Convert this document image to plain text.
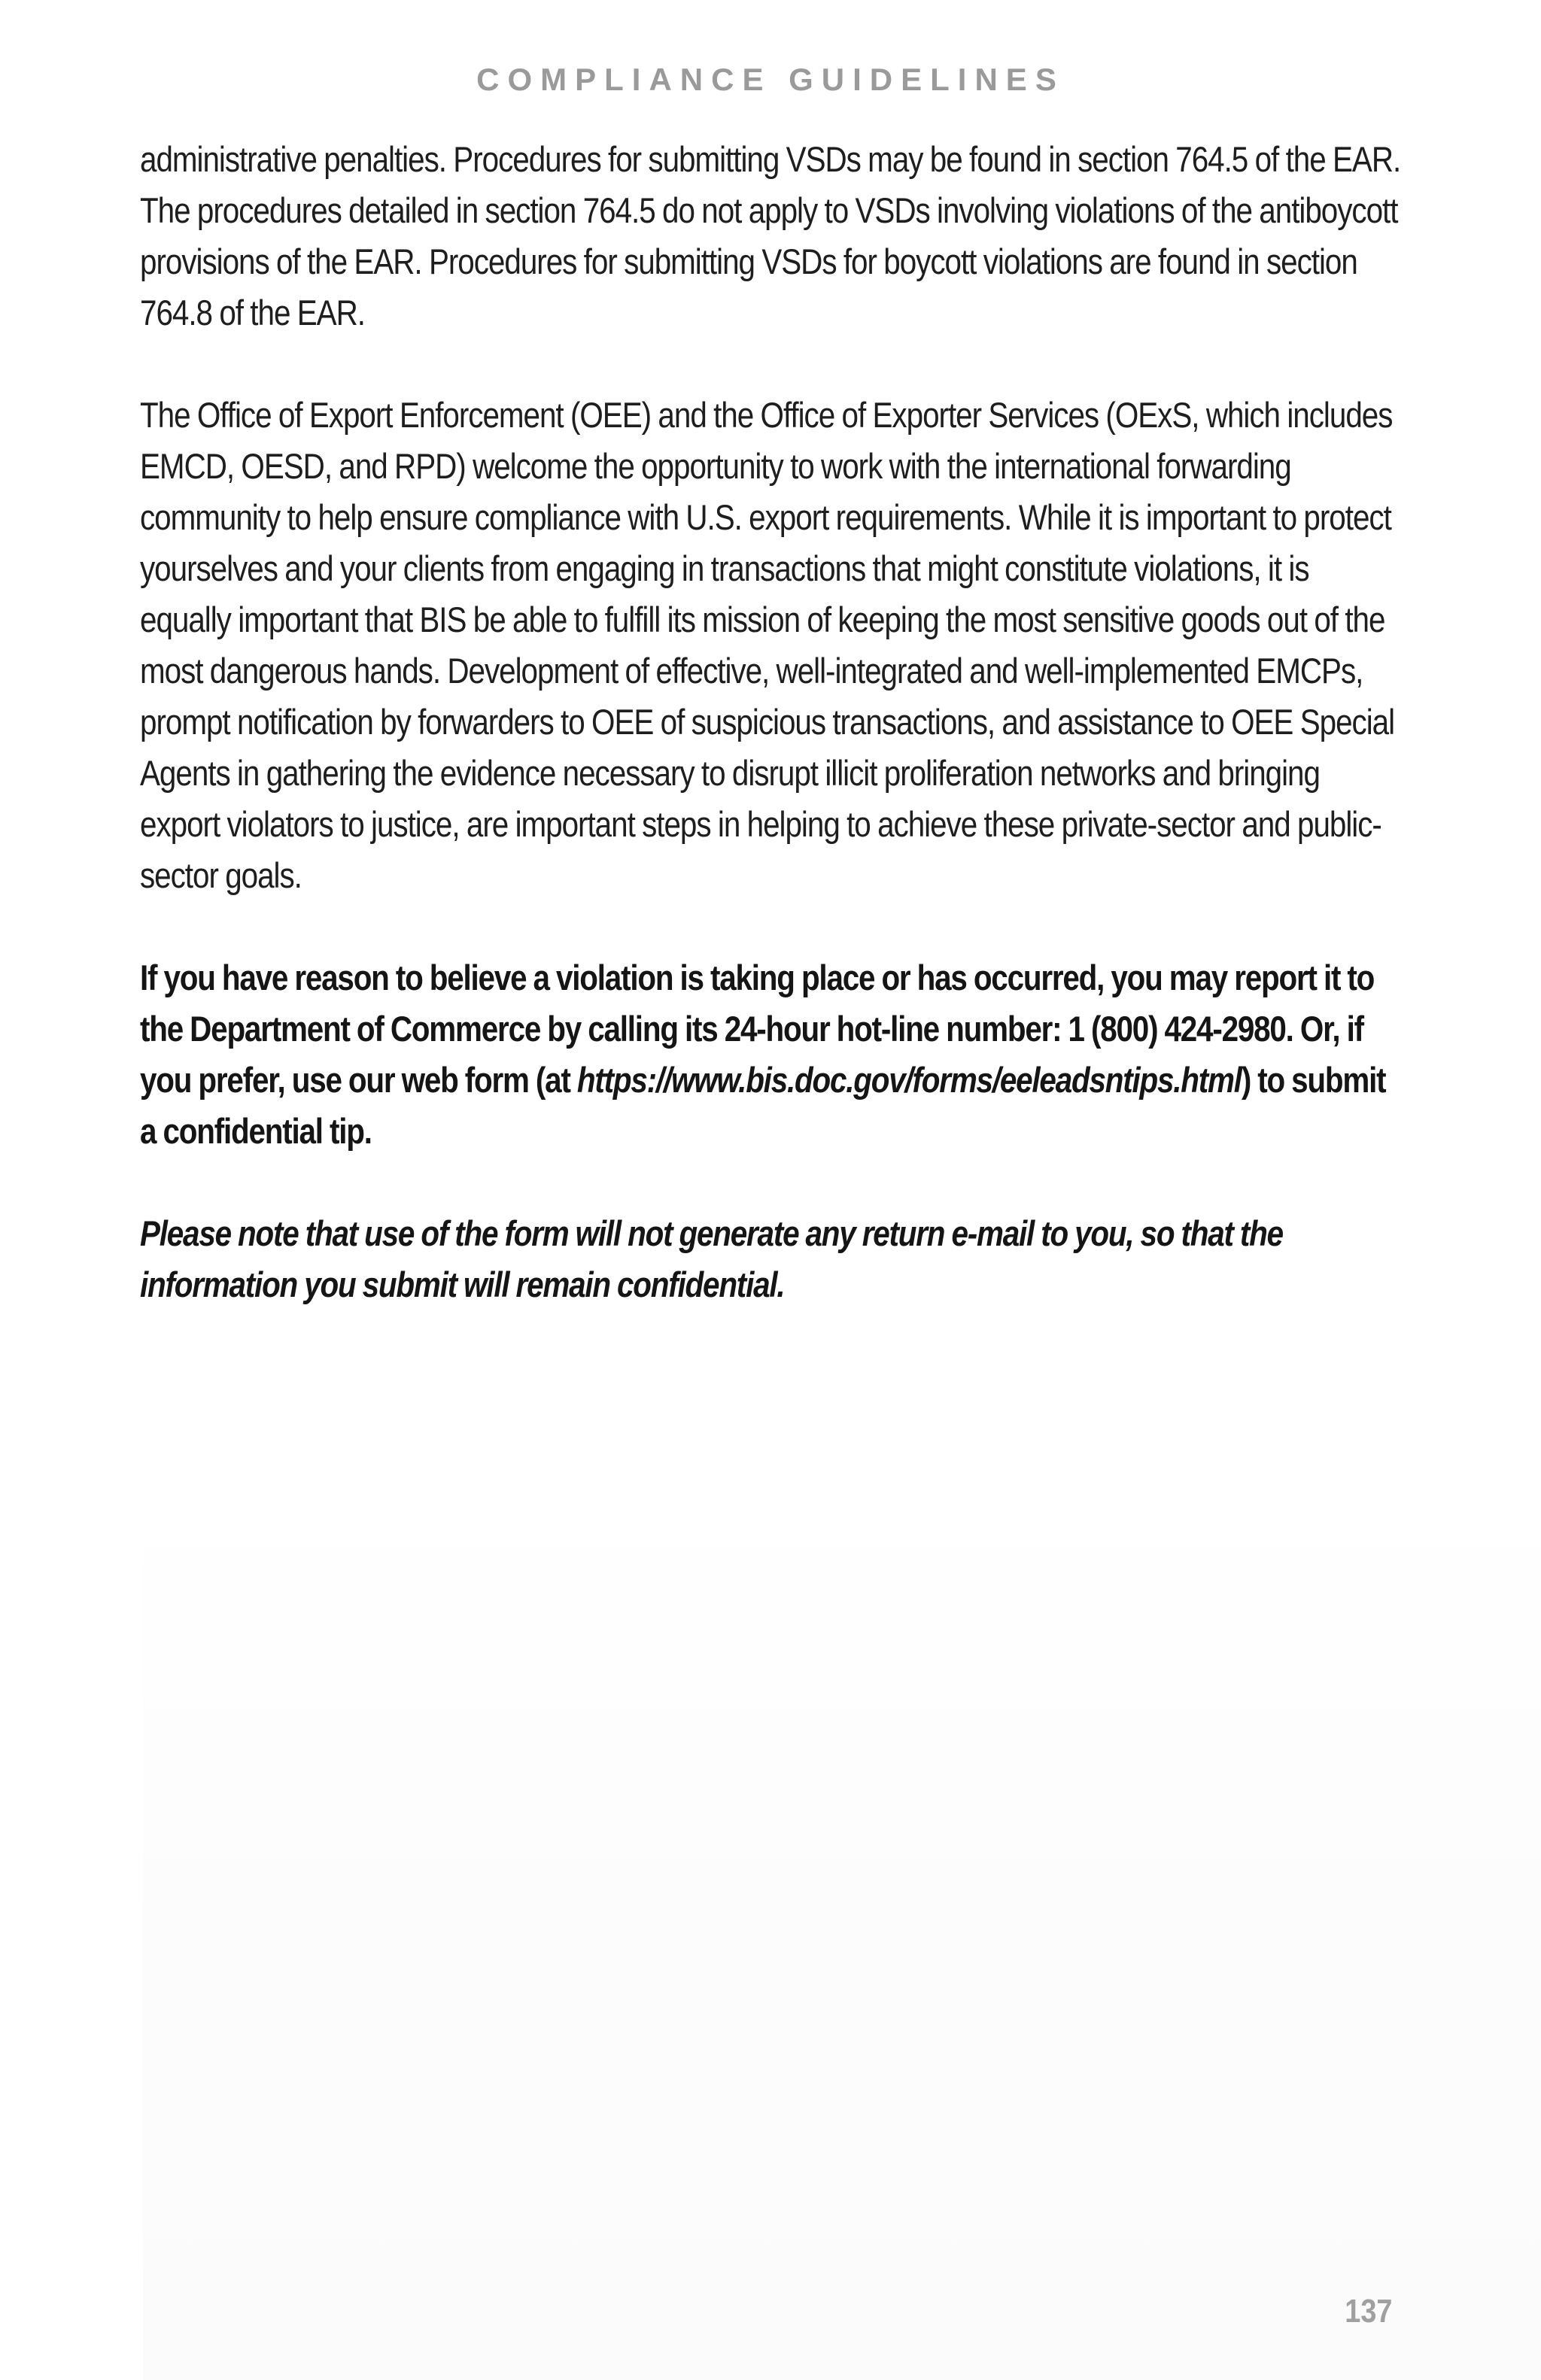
COMPLIANCE GUIDELINES

administrative penalties. Procedures for submitting VSDs may be found in section 764.5 of the EAR. The procedures detailed in section 764.5 do not apply to VSDs involving violations of the antiboycott provisions of the EAR. Procedures for submitting VSDs for boycott violations are found in section 764.8 of the EAR.

The Office of Export Enforcement (OEE) and the Office of Exporter Services (OExS, which includes EMCD, OESD, and RPD) welcome the opportunity to work with the international forwarding community to help ensure compliance with U.S. export requirements. While it is important to protect yourselves and your clients from engaging in transactions that might constitute violations, it is equally important that BIS be able to fulfill its mission of keeping the most sensitive goods out of the most dangerous hands. Development of effective, well-integrated and well-implemented EMCPs, prompt notification by forwarders to OEE of suspicious transactions, and assistance to OEE Special Agents in gathering the evidence necessary to disrupt illicit proliferation networks and bringing export violators to justice, are important steps in helping to achieve these private-sector and public-sector goals.

If you have reason to believe a violation is taking place or has occurred, you may report it to the Department of Commerce by calling its 24-hour hot-line number: 1 (800) 424-2980. Or, if you prefer, use our web form (at https://www.bis.doc.gov/forms/eeleadsntips.html) to submit a confidential tip.

Please note that use of the form will not generate any return e-mail to you, so that the information you submit will remain confidential.

137
